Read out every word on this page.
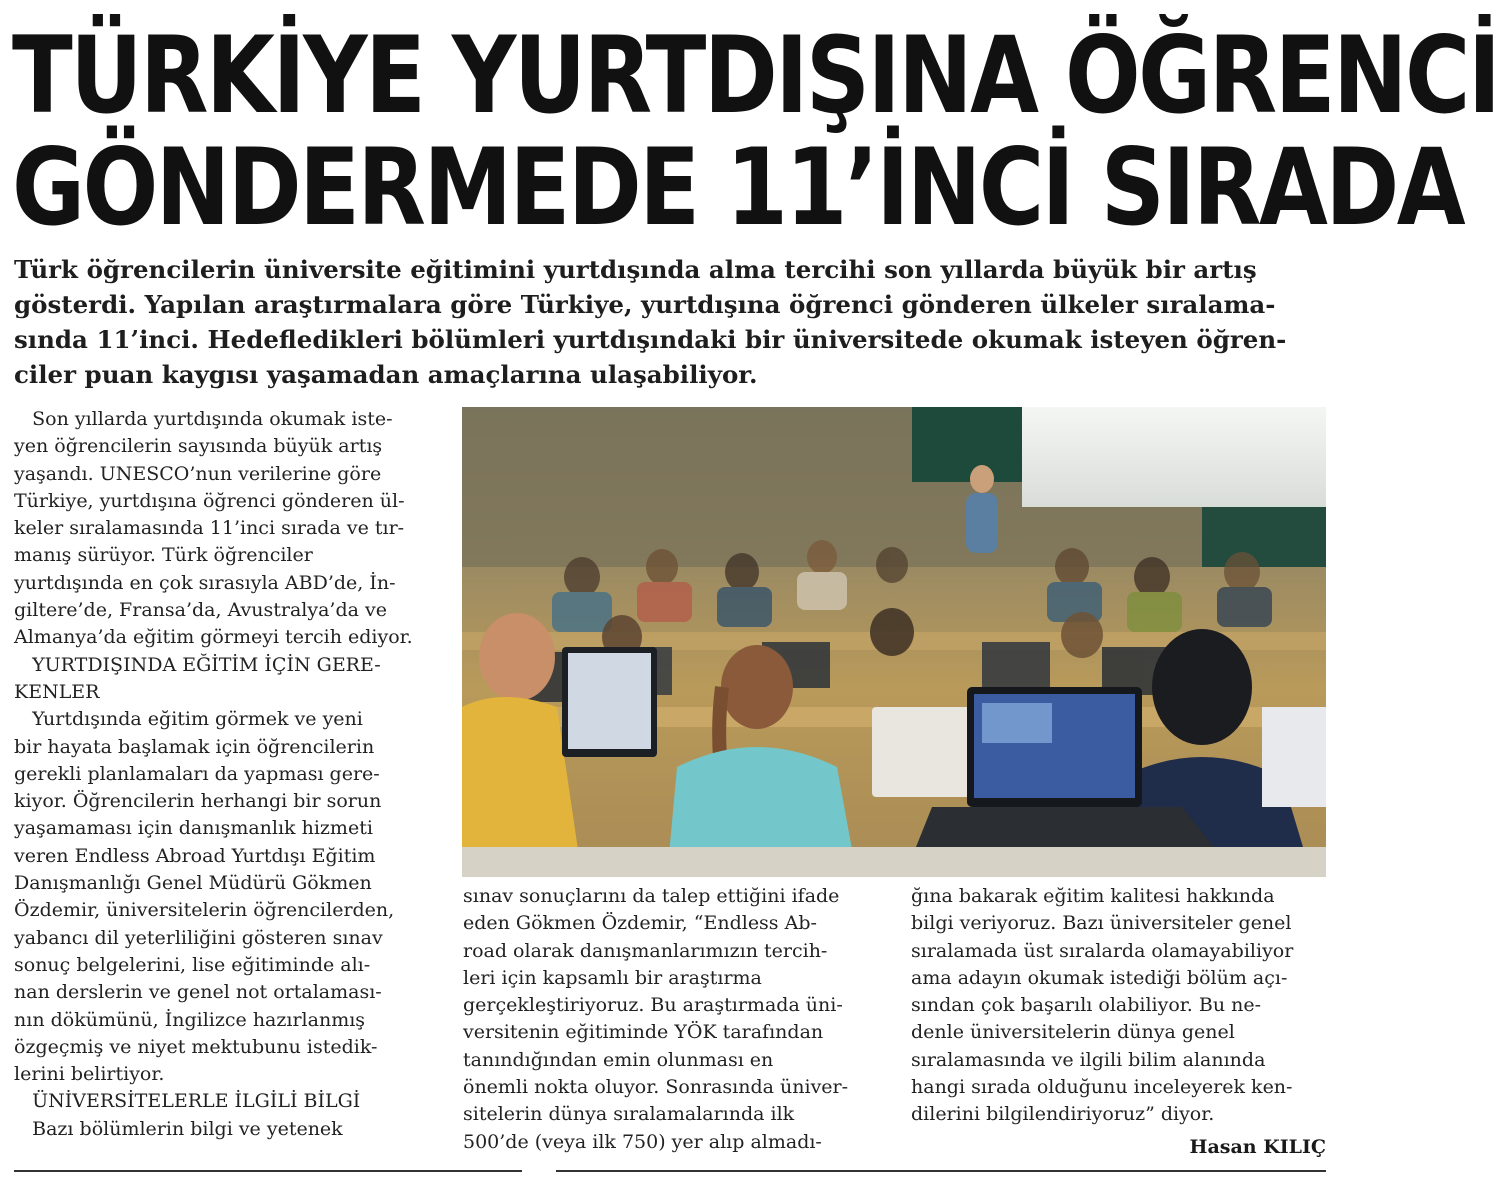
TÜRKİYE YURTDIŞINA ÖĞRENCİ
GÖNDERMEDE 11’İNCİ SIRADA
Türk öğrencilerin üniversite eğitimini yurtdışında alma tercihi son yıllarda büyük bir artış
gösterdi. Yapılan araştırmalara göre Türkiye, yurtdışına öğrenci gönderen ülkeler sıralama-
sında 11’inci. Hedefledikleri bölümleri yurtdışındaki bir üniversitede okumak isteyen öğren-
ciler puan kaygısı yaşamadan amaçlarına ulaşabiliyor.
Son yıllarda yurtdışında okumak iste-
yen öğrencilerin sayısında büyük artış
yaşandı. UNESCO’nun verilerine göre
Türkiye, yurtdışına öğrenci gönderen ül-
keler sıralamasında 11’inci sırada ve tır-
manış sürüyor. Türk öğrenciler
yurtdışında en çok sırasıyla ABD’de, İn-
giltere’de, Fransa’da, Avustralya’da ve
Almanya’da eğitim görmeyi tercih ediyor.
YURTDIŞINDA EĞİTİM İÇİN GERE-
KENLER
Yurtdışında eğitim görmek ve yeni
bir hayata başlamak için öğrencilerin
gerekli planlamaları da yapması gere-
kiyor. Öğrencilerin herhangi bir sorun
yaşamaması için danışmanlık hizmeti
veren Endless Abroad Yurtdışı Eğitim
Danışmanlığı Genel Müdürü Gökmen
Özdemir, üniversitelerin öğrencilerden,
yabancı dil yeterliliğini gösteren sınav
sonuç belgelerini, lise eğitiminde alı-
nan derslerin ve genel not ortalaması-
nın dökümünü, İngilizce hazırlanmış
özgeçmiş ve niyet mektubunu istedik-
lerini belirtiyor.
ÜNİVERSİTELERLE İLGİLİ BİLGİ
Bazı bölümlerin bilgi ve yetenek
sınav sonuçlarını da talep ettiğini ifade
eden Gökmen Özdemir, “Endless Ab-
road olarak danışmanlarımızın tercih-
leri için kapsamlı bir araştırma
gerçekleştiriyoruz. Bu araştırmada üni-
versitenin eğitiminde YÖK tarafından
tanındığından emin olunması en
önemli nokta oluyor. Sonrasında üniver-
sitelerin dünya sıralamalarında ilk
500’de (veya ilk 750) yer alıp almadı-
ğına bakarak eğitim kalitesi hakkında
bilgi veriyoruz. Bazı üniversiteler genel
sıralamada üst sıralarda olamayabiliyor
ama adayın okumak istediği bölüm açı-
sından çok başarılı olabiliyor. Bu ne-
denle üniversitelerin dünya genel
sıralamasında ve ilgili bilim alanında
hangi sırada olduğunu inceleyerek ken-
dilerini bilgilendiriyoruz” diyor.
Hasan KILIÇ
